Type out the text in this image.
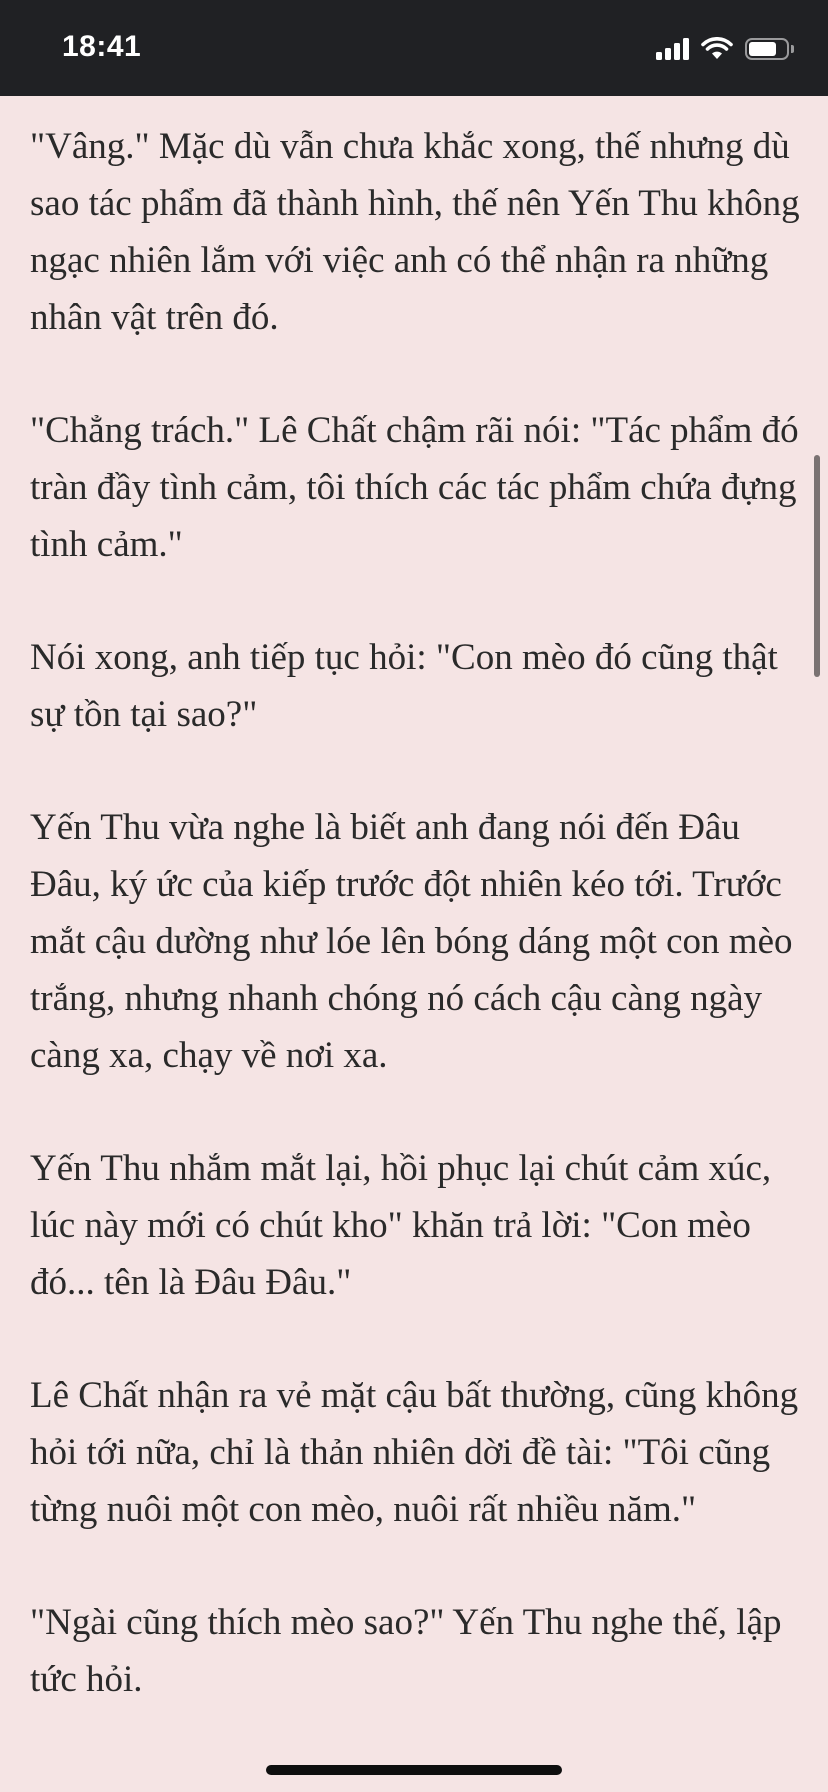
18:41

"Vâng." Mặc dù vẫn chưa khắc xong, thế nhưng dù sao tác phẩm đã thành hình, thế nên Yến Thu không ngạc nhiên lắm với việc anh có thể nhận ra những nhân vật trên đó.

"Chẳng trách." Lê Chất chậm rãi nói: "Tác phẩm đó tràn đầy tình cảm, tôi thích các tác phẩm chứa đựng tình cảm."

Nói xong, anh tiếp tục hỏi: "Con mèo đó cũng thật sự tồn tại sao?"

Yến Thu vừa nghe là biết anh đang nói đến Đâu Đâu, ký ức của kiếp trước đột nhiên kéo tới. Trước mắt cậu dường như lóe lên bóng dáng một con mèo trắng, nhưng nhanh chóng nó cách cậu càng ngày càng xa, chạy về nơi xa.

Yến Thu nhắm mắt lại, hồi phục lại chút cảm xúc, lúc này mới có chút kho" khăn trả lời: "Con mèo đó... tên là Đâu Đâu."

Lê Chất nhận ra vẻ mặt cậu bất thường, cũng không hỏi tới nữa, chỉ là thản nhiên dời đề tài: "Tôi cũng từng nuôi một con mèo, nuôi rất nhiều năm."

"Ngài cũng thích mèo sao?" Yến Thu nghe thế, lập tức hỏi.
